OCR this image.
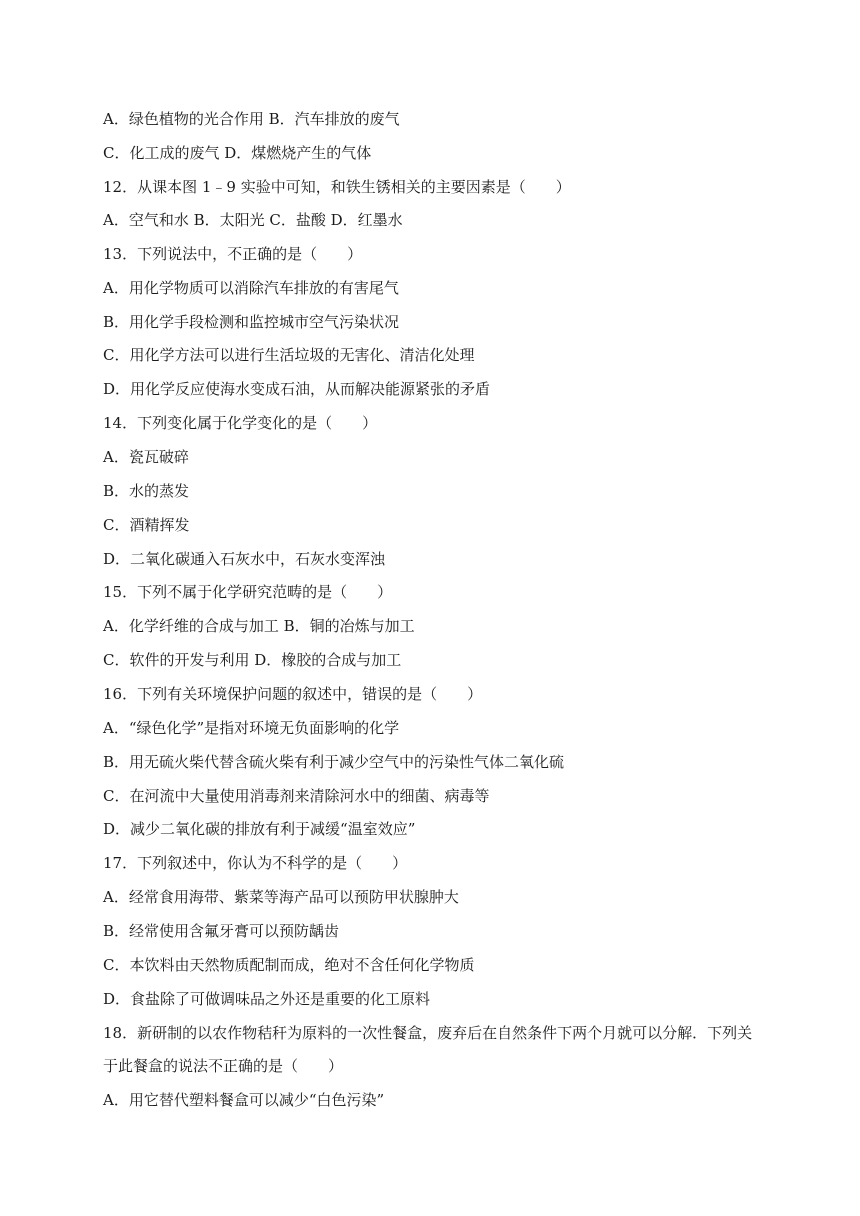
A．绿色植物的光合作用 B．汽车排放的废气
C．化工成的废气 D．煤燃烧产生的气体
12．从课本图 1﹣9 实验中可知，和铁生锈相关的主要因素是（　　）
A．空气和水 B．太阳光 C．盐酸 D．红墨水
13．下列说法中，不正确的是（　　）
A．用化学物质可以消除汽车排放的有害尾气
B．用化学手段检测和监控城市空气污染状况
C．用化学方法可以进行生活垃圾的无害化、清洁化处理
D．用化学反应使海水变成石油，从而解决能源紧张的矛盾
14．下列变化属于化学变化的是（　　）
A．瓷瓦破碎
B．水的蒸发
C．酒精挥发
D．二氧化碳通入石灰水中，石灰水变浑浊
15．下列不属于化学研究范畴的是（　　）
A．化学纤维的合成与加工 B．铜的冶炼与加工
C．软件的开发与利用 D．橡胶的合成与加工
16．下列有关环境保护问题的叙述中，错误的是（　　）
A．“绿色化学”是指对环境无负面影响的化学
B．用无硫火柴代替含硫火柴有利于减少空气中的污染性气体二氧化硫
C．在河流中大量使用消毒剂来清除河水中的细菌、病毒等
D．减少二氧化碳的排放有利于减缓“温室效应”
17．下列叙述中，你认为不科学的是（　　）
A．经常食用海带、紫菜等海产品可以预防甲状腺肿大
B．经常使用含氟牙膏可以预防龋齿
C．本饮料由天然物质配制而成，绝对不含任何化学物质
D．食盐除了可做调味品之外还是重要的化工原料
18．新研制的以农作物秸秆为原料的一次性餐盒，废弃后在自然条件下两个月就可以分解．下列关
于此餐盒的说法不正确的是（　　）
A．用它替代塑料餐盒可以减少“白色污染”
